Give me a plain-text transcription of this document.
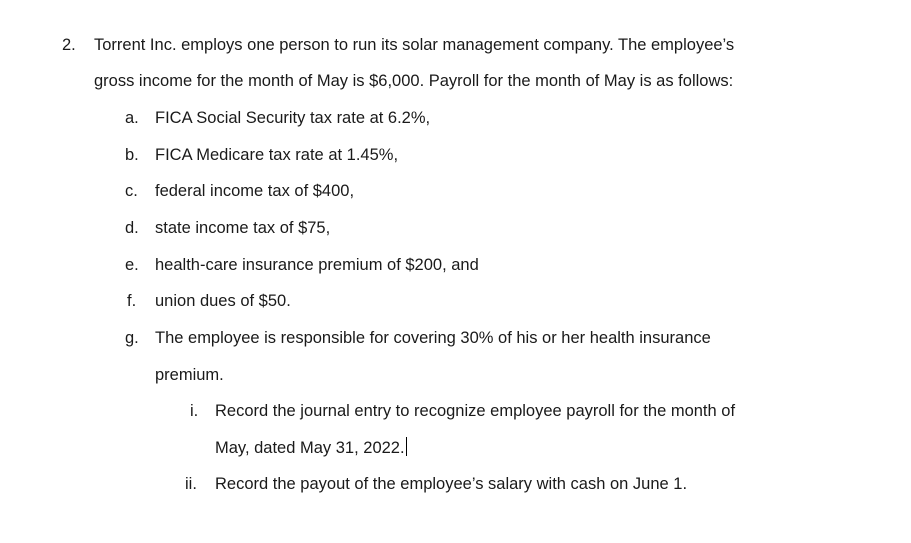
2. Torrent Inc. employs one person to run its solar management company. The employee’s
gross income for the month of May is $6,000. Payroll for the month of May is as follows:
a. FICA Social Security tax rate at 6.2%,
b. FICA Medicare tax rate at 1.45%,
c. federal income tax of $400,
d. state income tax of $75,
e. health-care insurance premium of $200, and
f. union dues of $50.
g. The employee is responsible for covering 30% of his or her health insurance
premium.
i. Record the journal entry to recognize employee payroll for the month of
May, dated May 31, 2022.
ii. Record the payout of the employee’s salary with cash on June 1.
